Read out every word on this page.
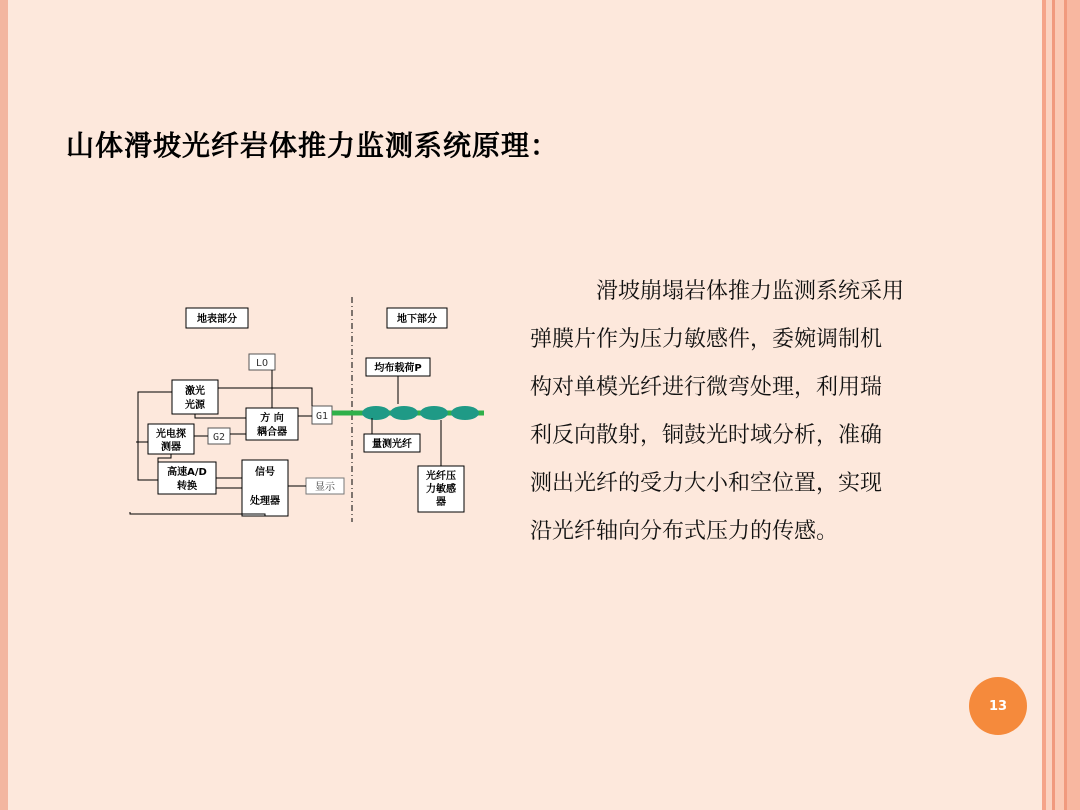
山体滑坡光纤岩体推力监测系统原理：
地表部分	地下部分
LO
激光
光源
方 向
耦合器
G1
光电探
测器
G2
高速A/D
转换
信号
处理器
显示
均布载荷P
量测光纤
光纤压
力敏感
器
滑坡崩塌岩体推力监测系统采用
弹膜片作为压力敏感件，委婉调制机
构对单模光纤进行微弯处理，利用瑞
利反向散射，铜鼓光时域分析，准确
测出光纤的受力大小和空位置，实现
沿光纤轴向分布式压力的传感。
13
